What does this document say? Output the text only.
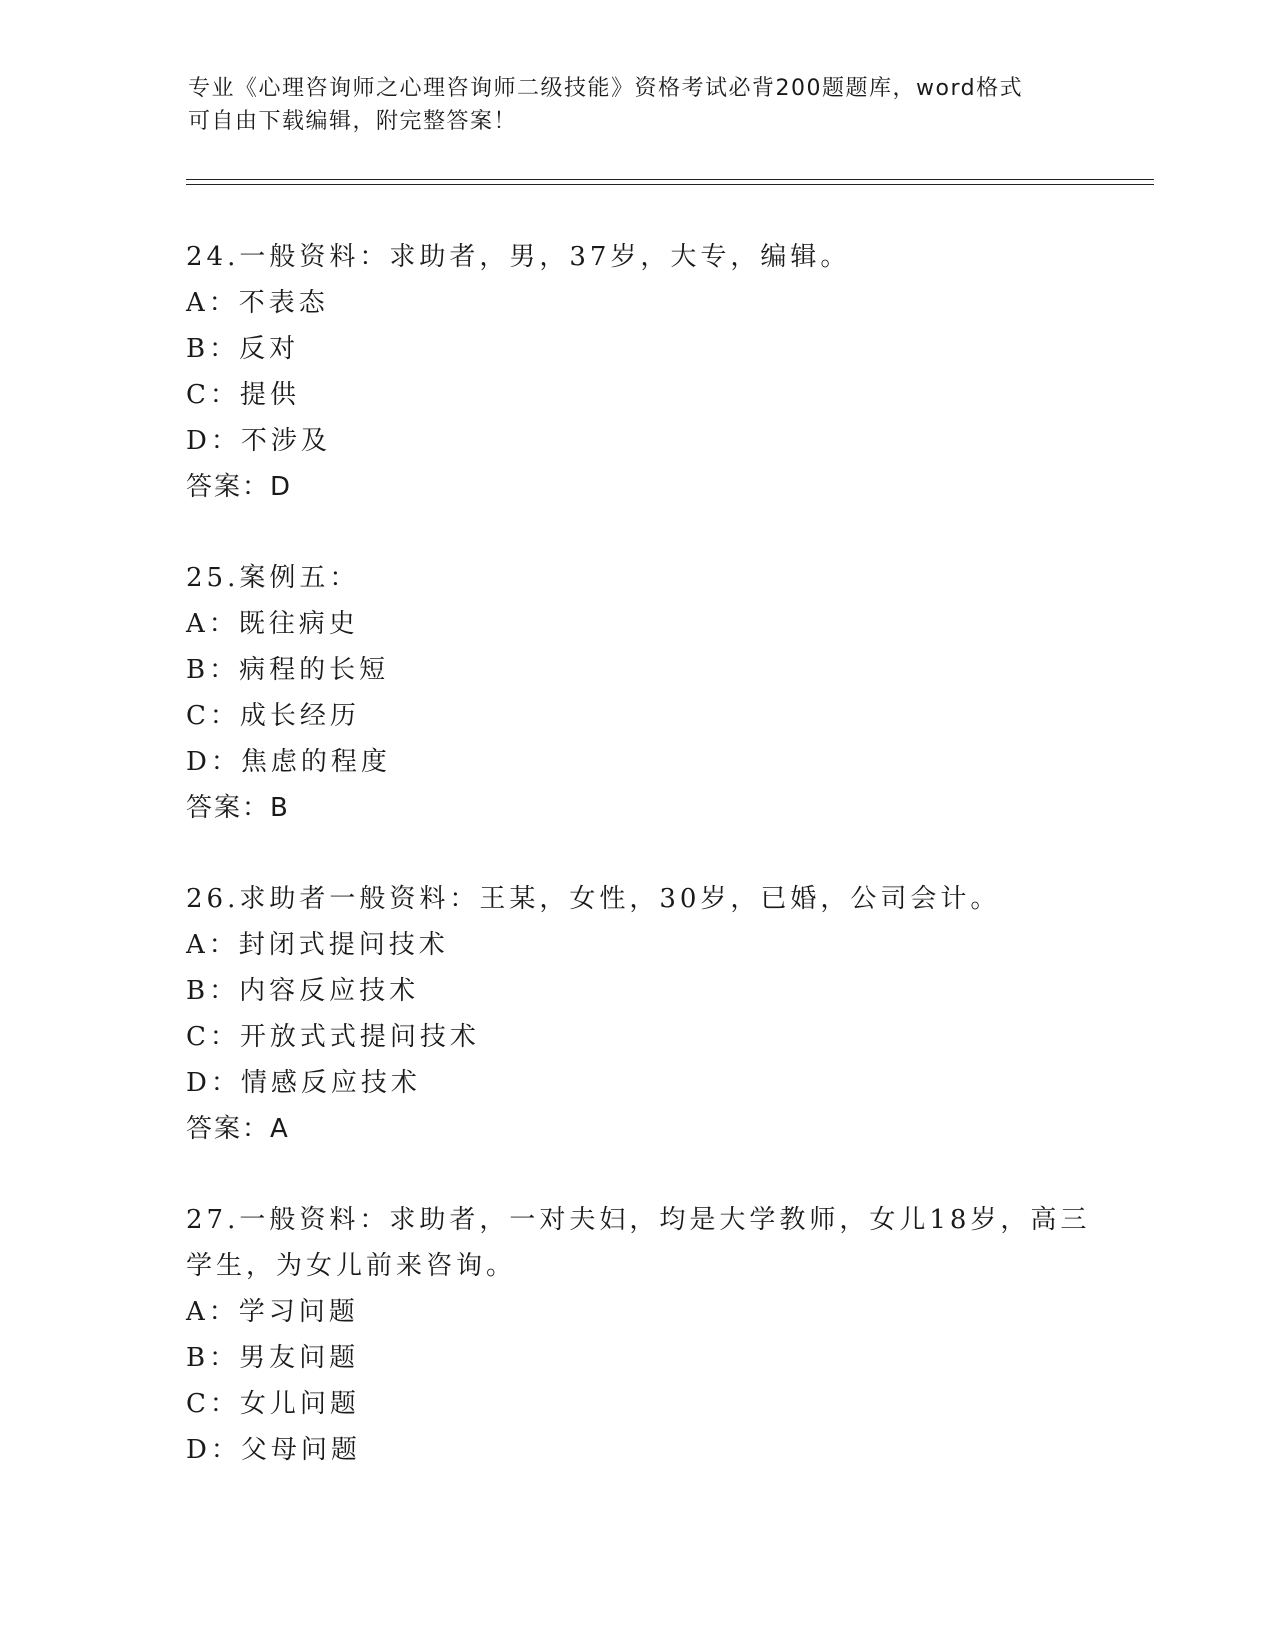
专业《心理咨询师之心理咨询师二级技能》资格考试必背200题题库，word格式
可自由下载编辑，附完整答案！
24.一般资料：求助者，男，37岁，大专，编辑。
A：不表态
B：反对
C：提供
D：不涉及
答案：D
25.案例五：
A：既往病史
B：病程的长短
C：成长经历
D：焦虑的程度
答案：B
26.求助者一般资料：王某，女性，30岁，已婚，公司会计。
A：封闭式提问技术
B：内容反应技术
C：开放式式提问技术
D：情感反应技术
答案：A
27.一般资料：求助者，一对夫妇，均是大学教师，女儿18岁，高三
学生，为女儿前来咨询。
A：学习问题
B：男友问题
C：女儿问题
D：父母问题
